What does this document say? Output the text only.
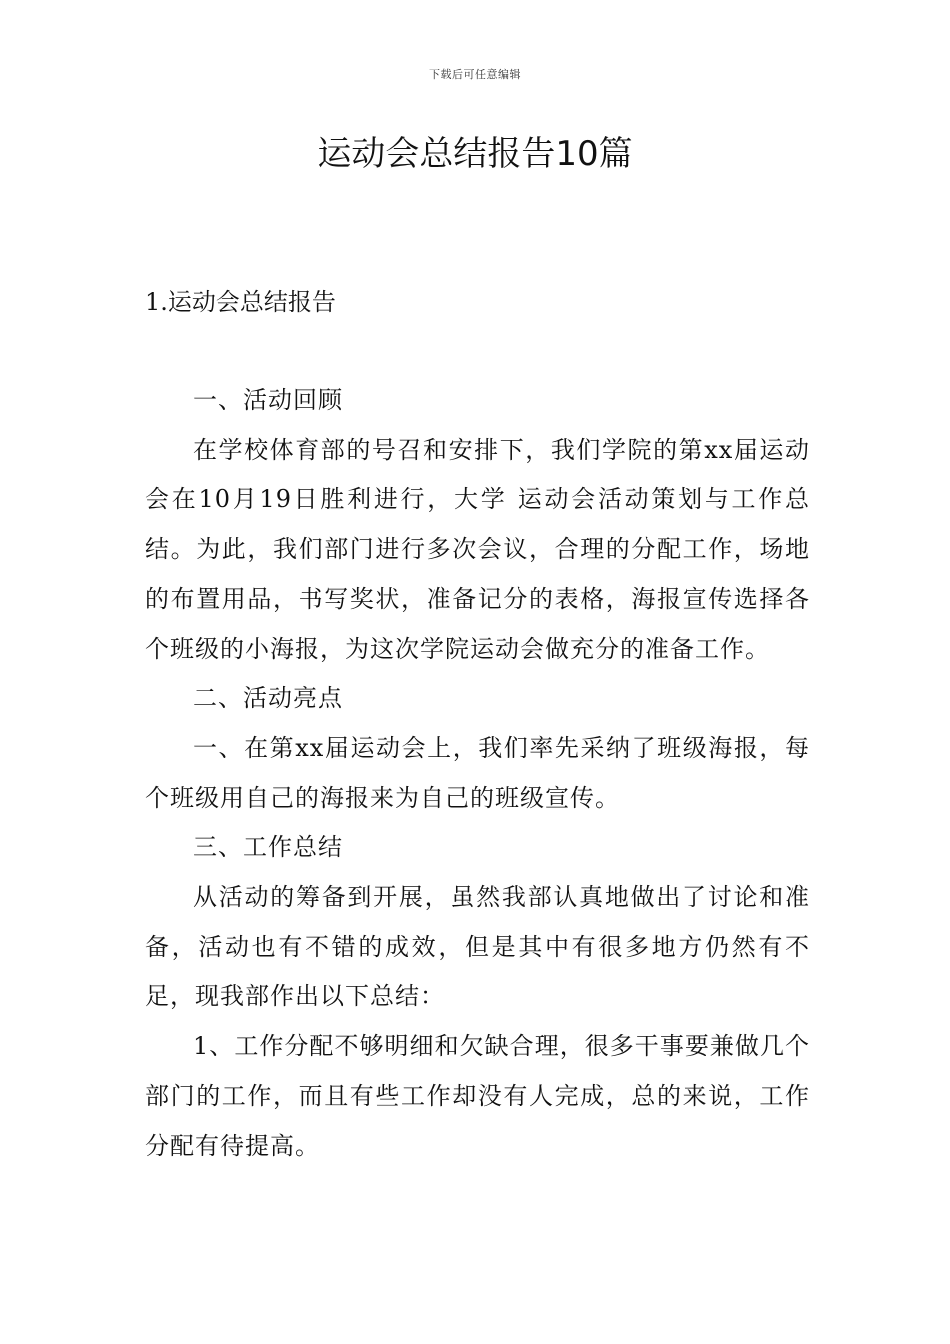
下载后可任意编辑
运动会总结报告10篇
1.运动会总结报告

一、活动回顾

在学校体育部的号召和安排下，我们学院的第xx届运动会在10月19日胜利进行，大学 运动会活动策划与工作总结。为此，我们部门进行多次会议，合理的分配工作，场地的布置用品，书写奖状，准备记分的表格，海报宣传选择各个班级的小海报，为这次学院运动会做充分的准备工作。

二、活动亮点

一、在第xx届运动会上，我们率先采纳了班级海报，每个班级用自己的海报来为自己的班级宣传。

三、工作总结

从活动的筹备到开展，虽然我部认真地做出了讨论和准备，活动也有不错的成效，但是其中有很多地方仍然有不足，现我部作出以下总结：

1、工作分配不够明细和欠缺合理，很多干事要兼做几个部门的工作，而且有些工作却没有人完成，总的来说，工作分配有待提高。
